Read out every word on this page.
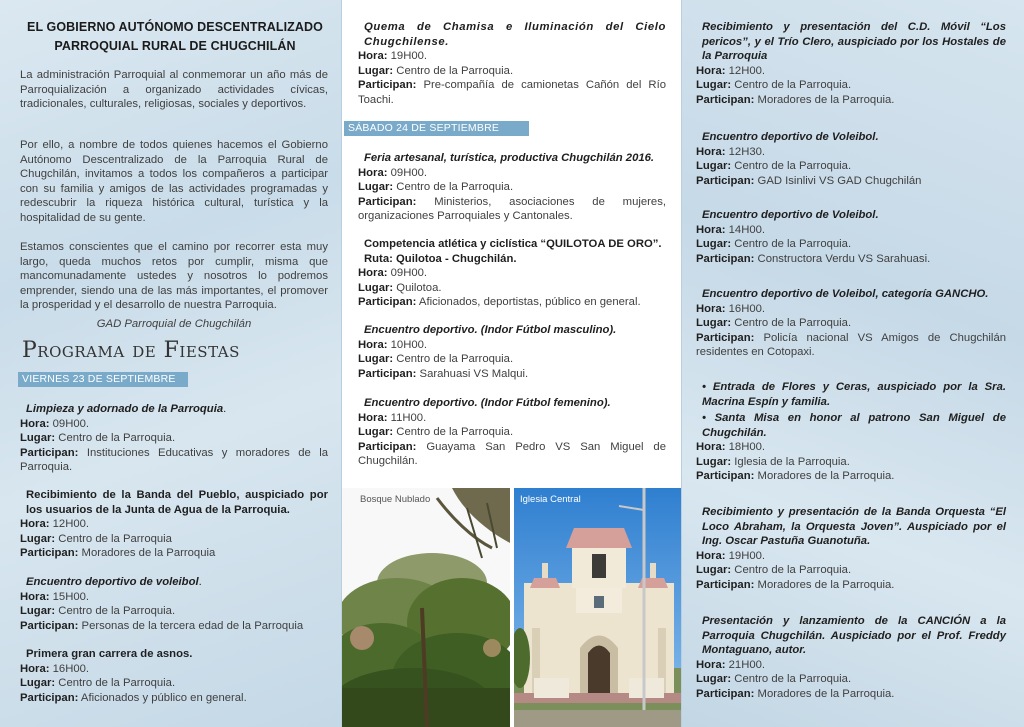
EL GOBIERNO AUTÓNOMO DESCENTRALIZADO
PARROQUIAL RURAL DE CHUGCHILÁN
La administración Parroquial al conmemorar un año más de Parroquialización a organizado actividades cívicas, tradicionales, culturales, religiosas, sociales y deportivos.
Por ello, a nombre de todos quienes hacemos el Gobierno Autónomo Descentralizado de la Parroquia Rural de Chugchilán, invitamos a todos los compañeros a participar con su familia y amigos de las actividades programadas y redescubrir la riqueza histórica cultural, turística y la hospitalidad de su gente.
Estamos conscientes que el camino por recorrer esta muy largo, queda muchos retos por cumplir, misma que mancomunadamente ustedes y nosotros lo podremos emprender, siendo una de las más importantes, el promover la prosperidad y el desarrollo de nuestra Parroquia.
GAD Parroquial de Chugchilán
Programa de Fiestas
VIERNES 23 DE SEPTIEMBRE
Limpieza y adornado de la Parroquia.
Hora: 09H00.
Lugar: Centro de la Parroquia.
Participan: Instituciones Educativas y moradores de la Parroquia.
Recibimiento de la Banda del Pueblo, auspiciado por los usuarios de la Junta de Agua de la Parroquia.
Hora: 12H00.
Lugar: Centro de la Parroquia
Participan: Moradores de la Parroquia
Encuentro deportivo de voleibol.
Hora: 15H00.
Lugar: Centro de la Parroquia.
Participan: Personas de la tercera edad de la Parroquia
Primera gran carrera de asnos.
Hora: 16H00.
Lugar: Centro de la Parroquia.
Participan: Aficionados y público en general.
Quema de Chamisa e Iluminación del Cielo Chugchilense.
Hora: 19H00.
Lugar: Centro de la Parroquia.
Participan: Pre-compañía de camionetas Cañón del Río Toachi.
SÁBADO 24 DE SEPTIEMBRE
Feria artesanal, turística, productiva Chugchilán 2016.
Hora: 09H00.
Lugar: Centro de la Parroquia.
Participan: Ministerios, asociaciones de mujeres, organizaciones Parroquiales y Cantonales.
Competencia atlética y ciclística “QUILOTOA DE ORO”. Ruta: Quilotoa - Chugchilán.
Hora: 09H00.
Lugar: Quilotoa.
Participan: Aficionados, deportistas, público en general.
Encuentro deportivo. (Indor Fútbol masculino).
Hora: 10H00.
Lugar: Centro de la Parroquia.
Participan: Sarahuasi VS Malqui.
Encuentro deportivo. (Indor Fútbol femenino).
Hora: 11H00.
Lugar: Centro de la Parroquia.
Participan: Guayama San Pedro VS San Miguel de Chugchilán.
Bosque Nublado	Iglesia Central
Recibimiento y presentación del C.D. Móvil “Los pericos”, y el Trío Clero, auspiciado por los Hostales de la Parroquia
Hora: 12H00.
Lugar: Centro de la Parroquia.
Participan: Moradores de la Parroquia.
Encuentro deportivo de Voleibol.
Hora: 12H30.
Lugar: Centro de la Parroquia.
Participan: GAD Isinlivi VS GAD Chugchilán
Encuentro deportivo de Voleibol.
Hora: 14H00.
Lugar: Centro de la Parroquia.
Participan: Constructora Verdu VS Sarahuasi.
Encuentro deportivo de Voleibol, categoría GANCHO.
Hora: 16H00.
Lugar: Centro de la Parroquia.
Participan: Policía nacional VS Amigos de Chugchilán residentes en Cotopaxi.
• Entrada de Flores y Ceras, auspiciado por la Sra. Macrina Espín y familia.
• Santa Misa en honor al patrono San Miguel de Chugchilán.
Hora: 18H00.
Lugar: Iglesia de la Parroquia.
Participan: Moradores de la Parroquia.
Recibimiento y presentación de la Banda Orquesta “El Loco Abraham, la Orquesta Joven”. Auspiciado por el Ing. Oscar Pastuña Guanotuña.
Hora: 19H00.
Lugar: Centro de la Parroquia.
Participan: Moradores de la Parroquia.
Presentación y lanzamiento de la CANCIÓN a la Parroquia Chugchilán. Auspiciado por el Prof. Freddy Montaguano, autor.
Hora: 21H00.
Lugar: Centro de la Parroquia.
Participan: Moradores de la Parroquia.
